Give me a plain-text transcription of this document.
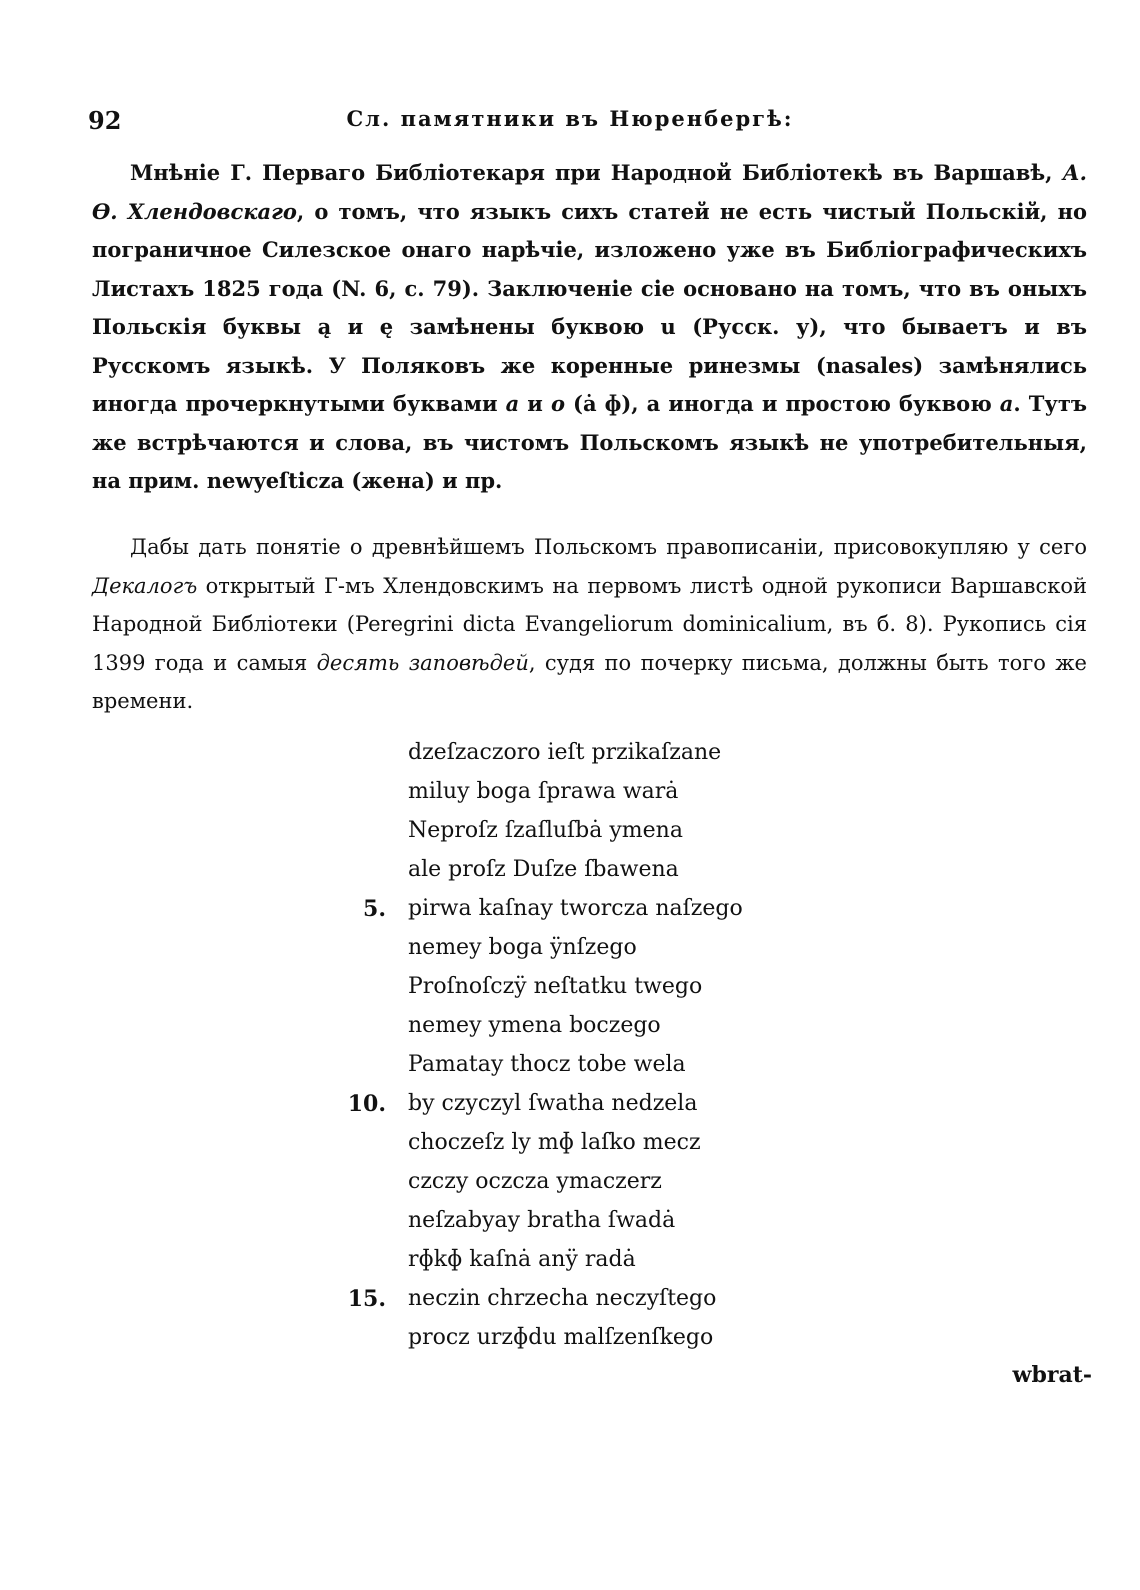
92	Сл. памятники въ Нюренбергѣ:

Мнѣніе Г. Перваго Библіотекаря при Народной Библіотекѣ въ Варшавѣ, А. Ѳ. Хлендовскаго, о томъ, что языкъ сихъ статей не есть чистый Польскій, но пограничное Силезское онаго нарѣчіе, изложено уже въ Библіографическихъ Листахъ 1825 года (N. 6, с. 79). Заключеніе сіе основано на томъ, что въ оныхъ Польскія буквы ą и ę замѣнены буквою u (Русск. у), что бываетъ и въ Русскомъ языкѣ. У Поляковъ же коренные ринезмы (nasales) замѣнялись иногда прочеркнутыми буквами a и o (ȧ ɸ), а иногда и простою буквою a. Тутъ же встрѣчаются и слова, въ чистомъ Польскомъ языкѣ не употребительныя, на прим. newyeſticza (жена) и пр.

Дабы дать понятіе о древнѣйшемъ Польскомъ правописаніи, присовокупляю у сего Декалогъ открытый Г-мъ Хлендовскимъ на первомъ листѣ одной рукописи Варшавской Народной Библіотеки (Peregrini dicta Evangeliorum dominicalium, въ б. 8). Рукопись сія 1399 года и самыя десять заповѣдей, судя по почерку письма, должны быть того же времени.

dzeſzaczoro ieſt przikaſzane
miluy boga ſprawa warȧ
Neproſz ſzaſluſbȧ ymena
ale proſz Duſze ſbawena
5. pirwa kaſnay tworcza naſzego
nemey boga ÿnſzego
Proſnoſczÿ neſtatku twego
nemey ymena boczego
Pamatay thocz tobe wela
10. by czyczyl ſwatha nedzela
choczeſz ly mɸ laſko mecz
czczy oczcza ymaczerz
neſzabyay bratha ſwadȧ
rɸkɸ kaſnȧ anÿ radȧ
15. neczin chrzecha neczyſtego
procz urzɸdu malſzenſkego
wbrat-
